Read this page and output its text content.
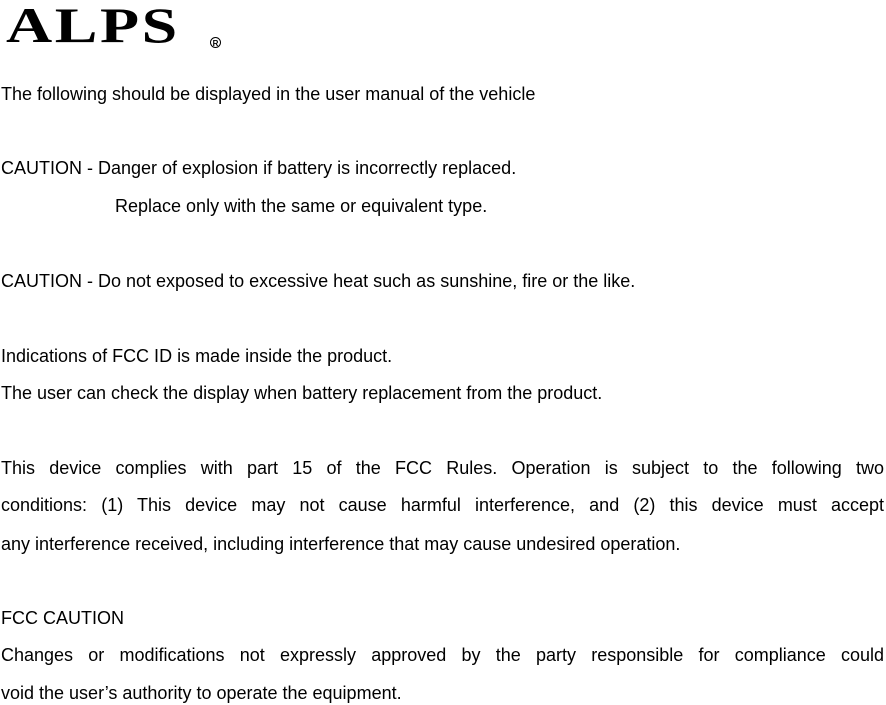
ALPS	R
The following should be displayed in the user manual of the vehicle
CAUTION - Danger of explosion if battery is incorrectly replaced.
Replace only with the same or equivalent type.
CAUTION - Do not exposed to excessive heat such as sunshine, fire or the like.
Indications of FCC ID is made inside the product.
The user can check the display when battery replacement from the product.
This device complies with part 15 of the FCC Rules. Operation is subject to the following two
conditions: (1) This device may not cause harmful interference, and (2) this device must accept
any interference received, including interference that may cause undesired operation.
FCC CAUTION
Changes or modifications not expressly approved by the party responsible for compliance could
void the user’s authority to operate the equipment.
